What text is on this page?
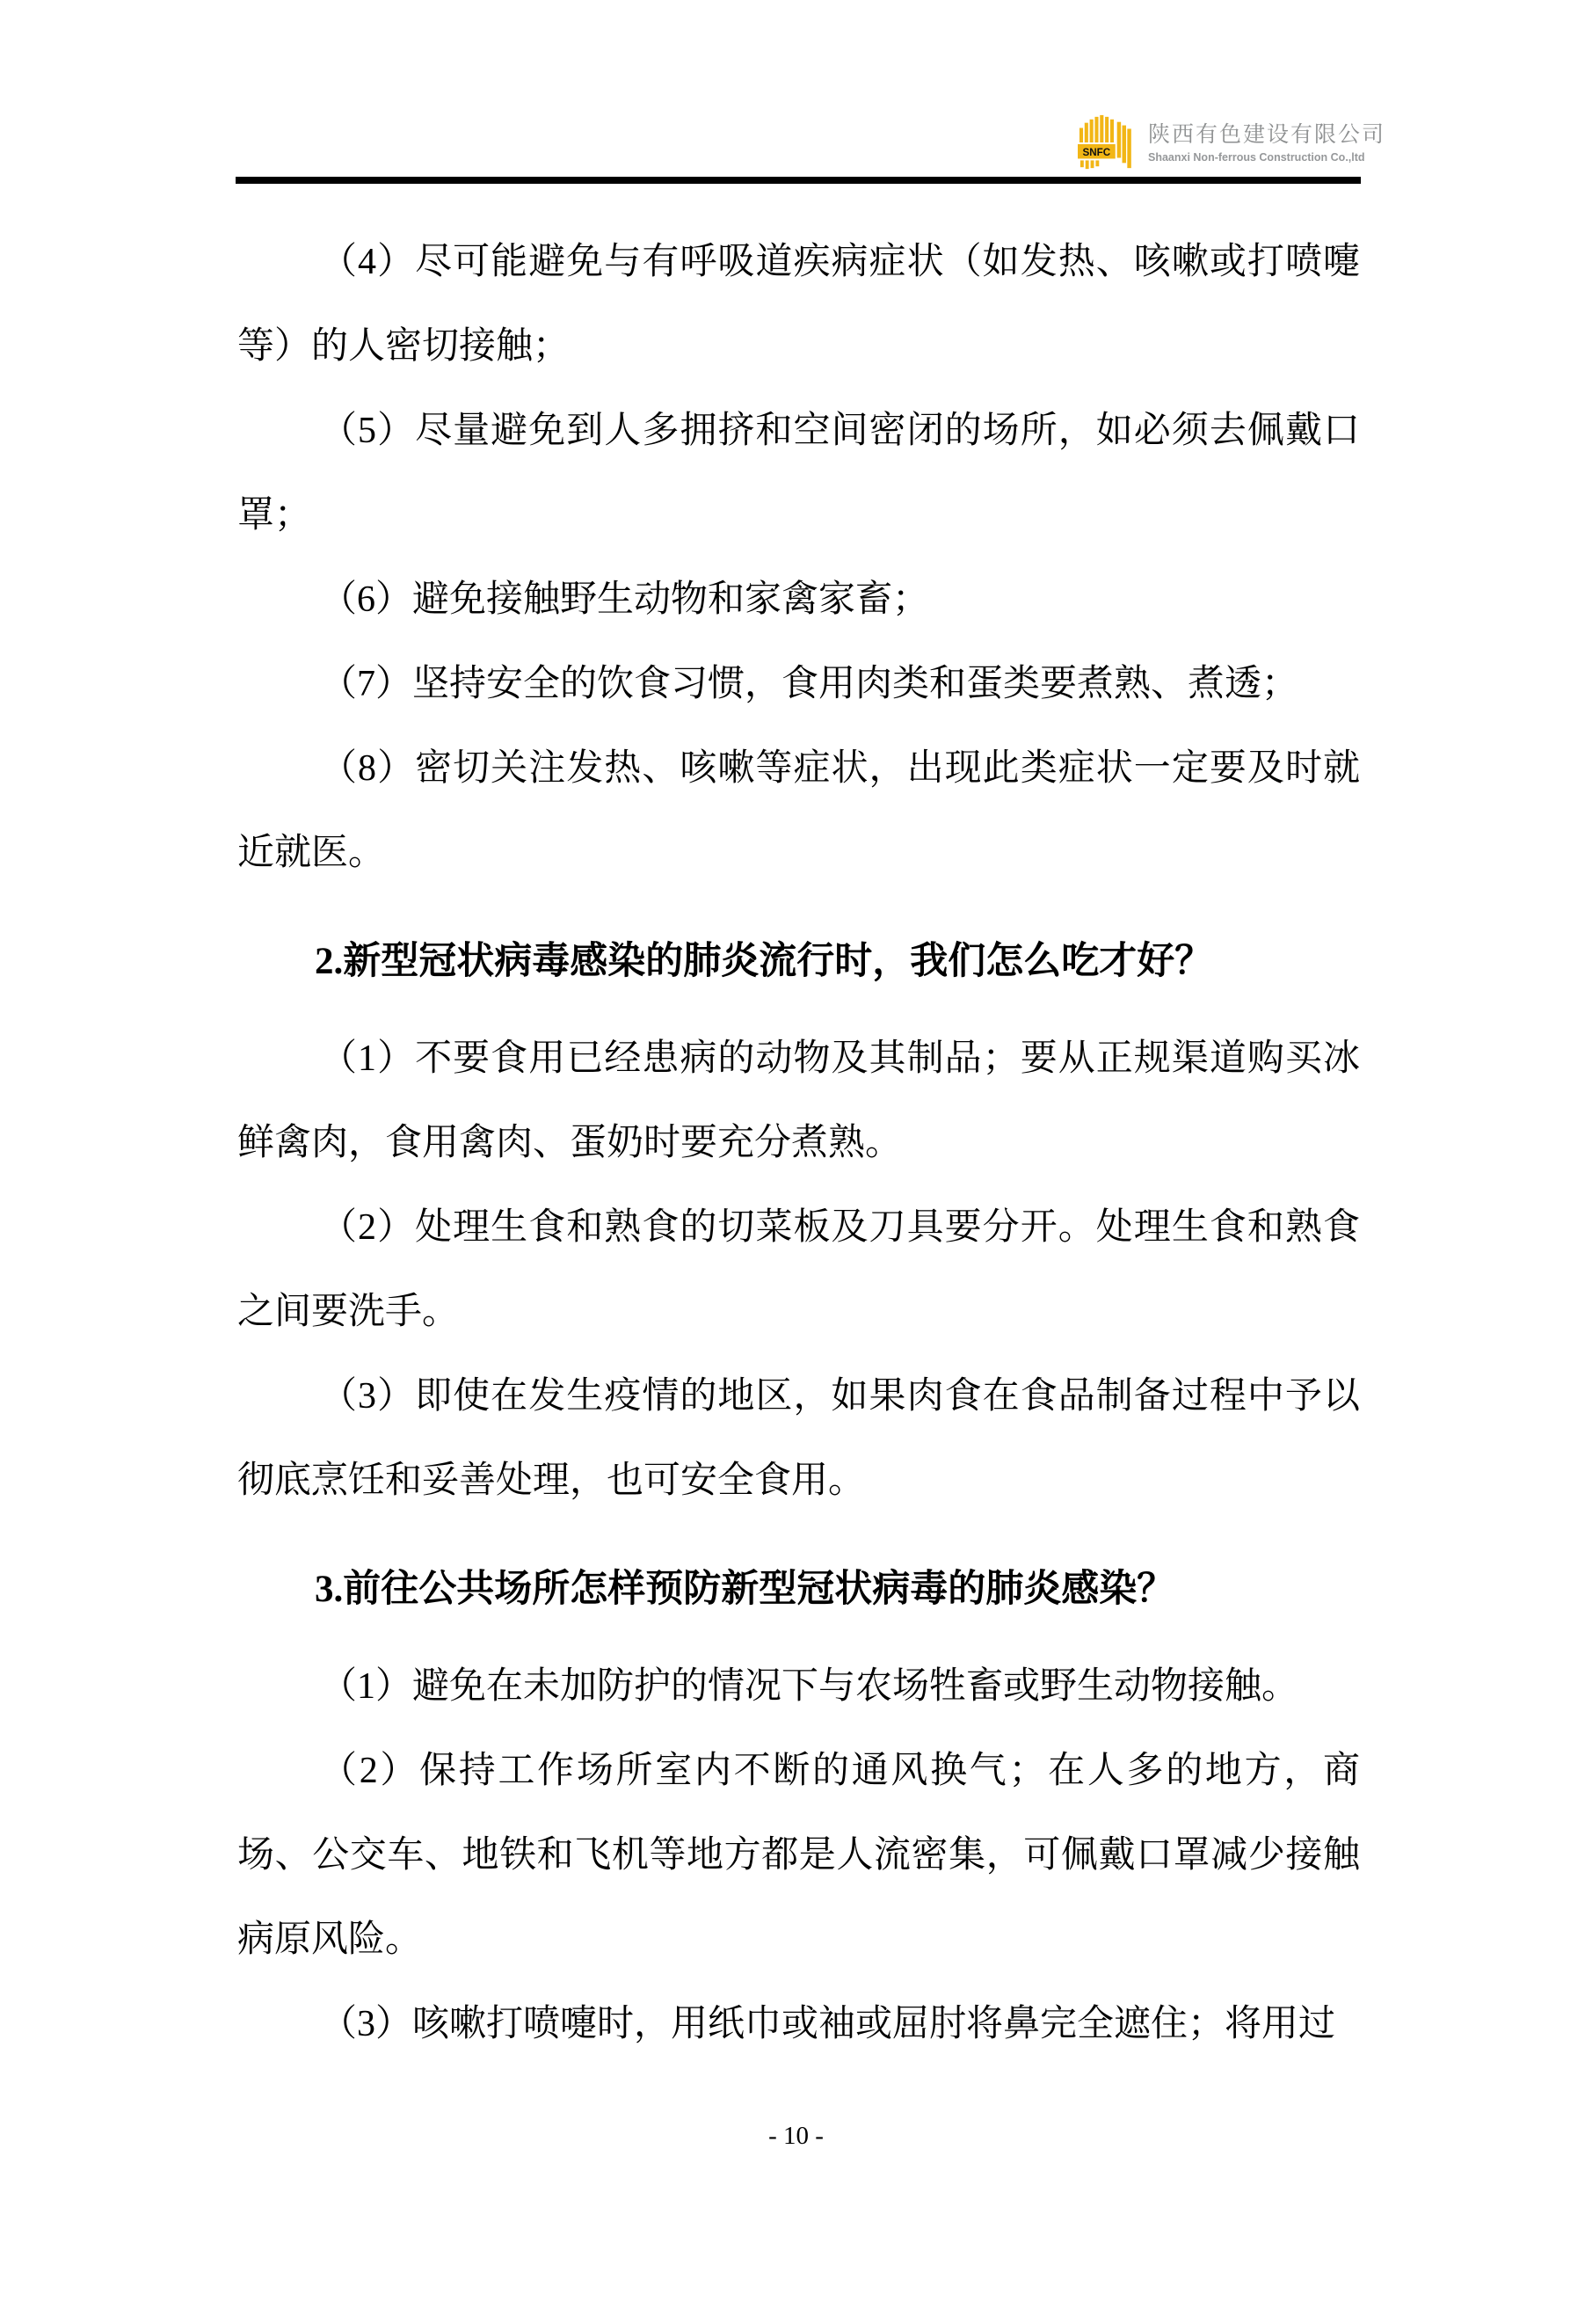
SNFC
陕西有色建设有限公司
Shaanxi Non-ferrous Construction Co.,ltd

（4）尽可能避免与有呼吸道疾病症状（如发热、咳嗽或打喷嚏等）的人密切接触；

（5）尽量避免到人多拥挤和空间密闭的场所，如必须去佩戴口罩；

（6）避免接触野生动物和家禽家畜；

（7）坚持安全的饮食习惯，食用肉类和蛋类要煮熟、煮透；

（8）密切关注发热、咳嗽等症状，出现此类症状一定要及时就近就医。

2.新型冠状病毒感染的肺炎流行时，我们怎么吃才好？

（1）不要食用已经患病的动物及其制品；要从正规渠道购买冰鲜禽肉，食用禽肉、蛋奶时要充分煮熟。

（2）处理生食和熟食的切菜板及刀具要分开。处理生食和熟食之间要洗手。

（3）即使在发生疫情的地区，如果肉食在食品制备过程中予以彻底烹饪和妥善处理，也可安全食用。

3.前往公共场所怎样预防新型冠状病毒的肺炎感染？

（1）避免在未加防护的情况下与农场牲畜或野生动物接触。

（2）保持工作场所室内不断的通风换气；在人多的地方，商场、公交车、地铁和飞机等地方都是人流密集，可佩戴口罩减少接触病原风险。

（3）咳嗽打喷嚏时，用纸巾或袖或屈肘将鼻完全遮住；将用过

- 10 -
